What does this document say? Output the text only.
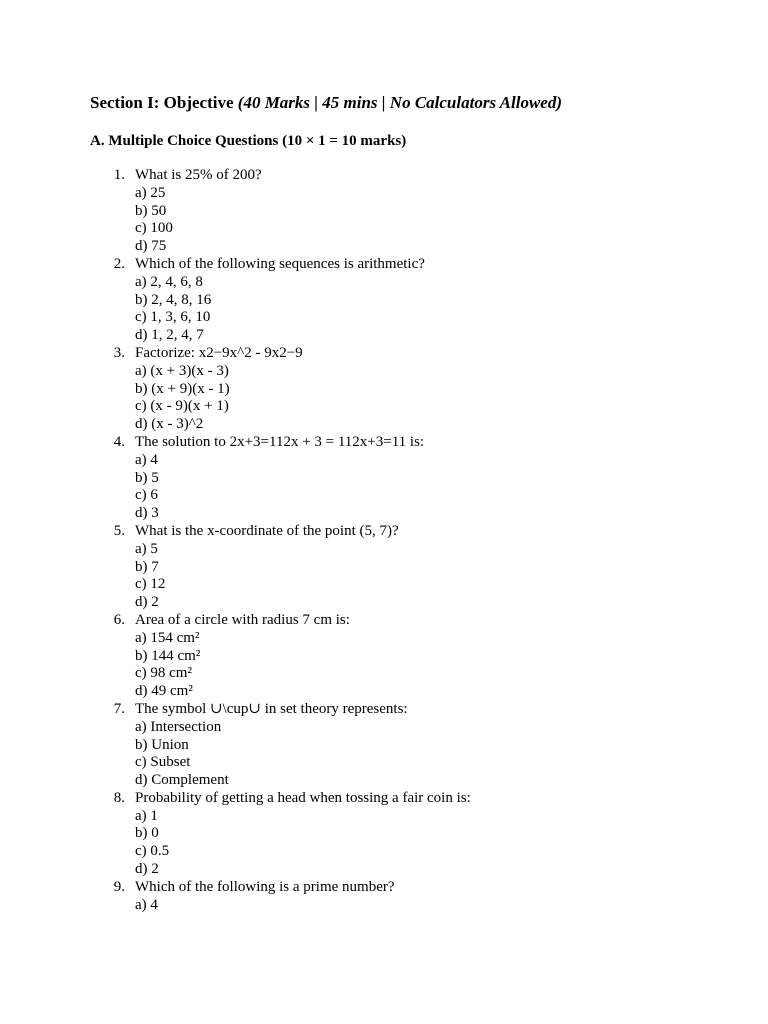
Section I: Objective (40 Marks | 45 mins | No Calculators Allowed)
A. Multiple Choice Questions (10 × 1 = 10 marks)
1. What is 25% of 200?
a) 25
b) 50
c) 100
d) 75
2. Which of the following sequences is arithmetic?
a) 2, 4, 6, 8
b) 2, 4, 8, 16
c) 1, 3, 6, 10
d) 1, 2, 4, 7
3. Factorize: x2−9x^2 - 9x2−9
a) (x + 3)(x - 3)
b) (x + 9)(x - 1)
c) (x - 9)(x + 1)
d) (x - 3)^2
4. The solution to 2x+3=112x + 3 = 112x+3=11 is:
a) 4
b) 5
c) 6
d) 3
5. What is the x-coordinate of the point (5, 7)?
a) 5
b) 7
c) 12
d) 2
6. Area of a circle with radius 7 cm is:
a) 154 cm²
b) 144 cm²
c) 98 cm²
d) 49 cm²
7. The symbol ∪\cup∪ in set theory represents:
a) Intersection
b) Union
c) Subset
d) Complement
8. Probability of getting a head when tossing a fair coin is:
a) 1
b) 0
c) 0.5
d) 2
9. Which of the following is a prime number?
a) 4
